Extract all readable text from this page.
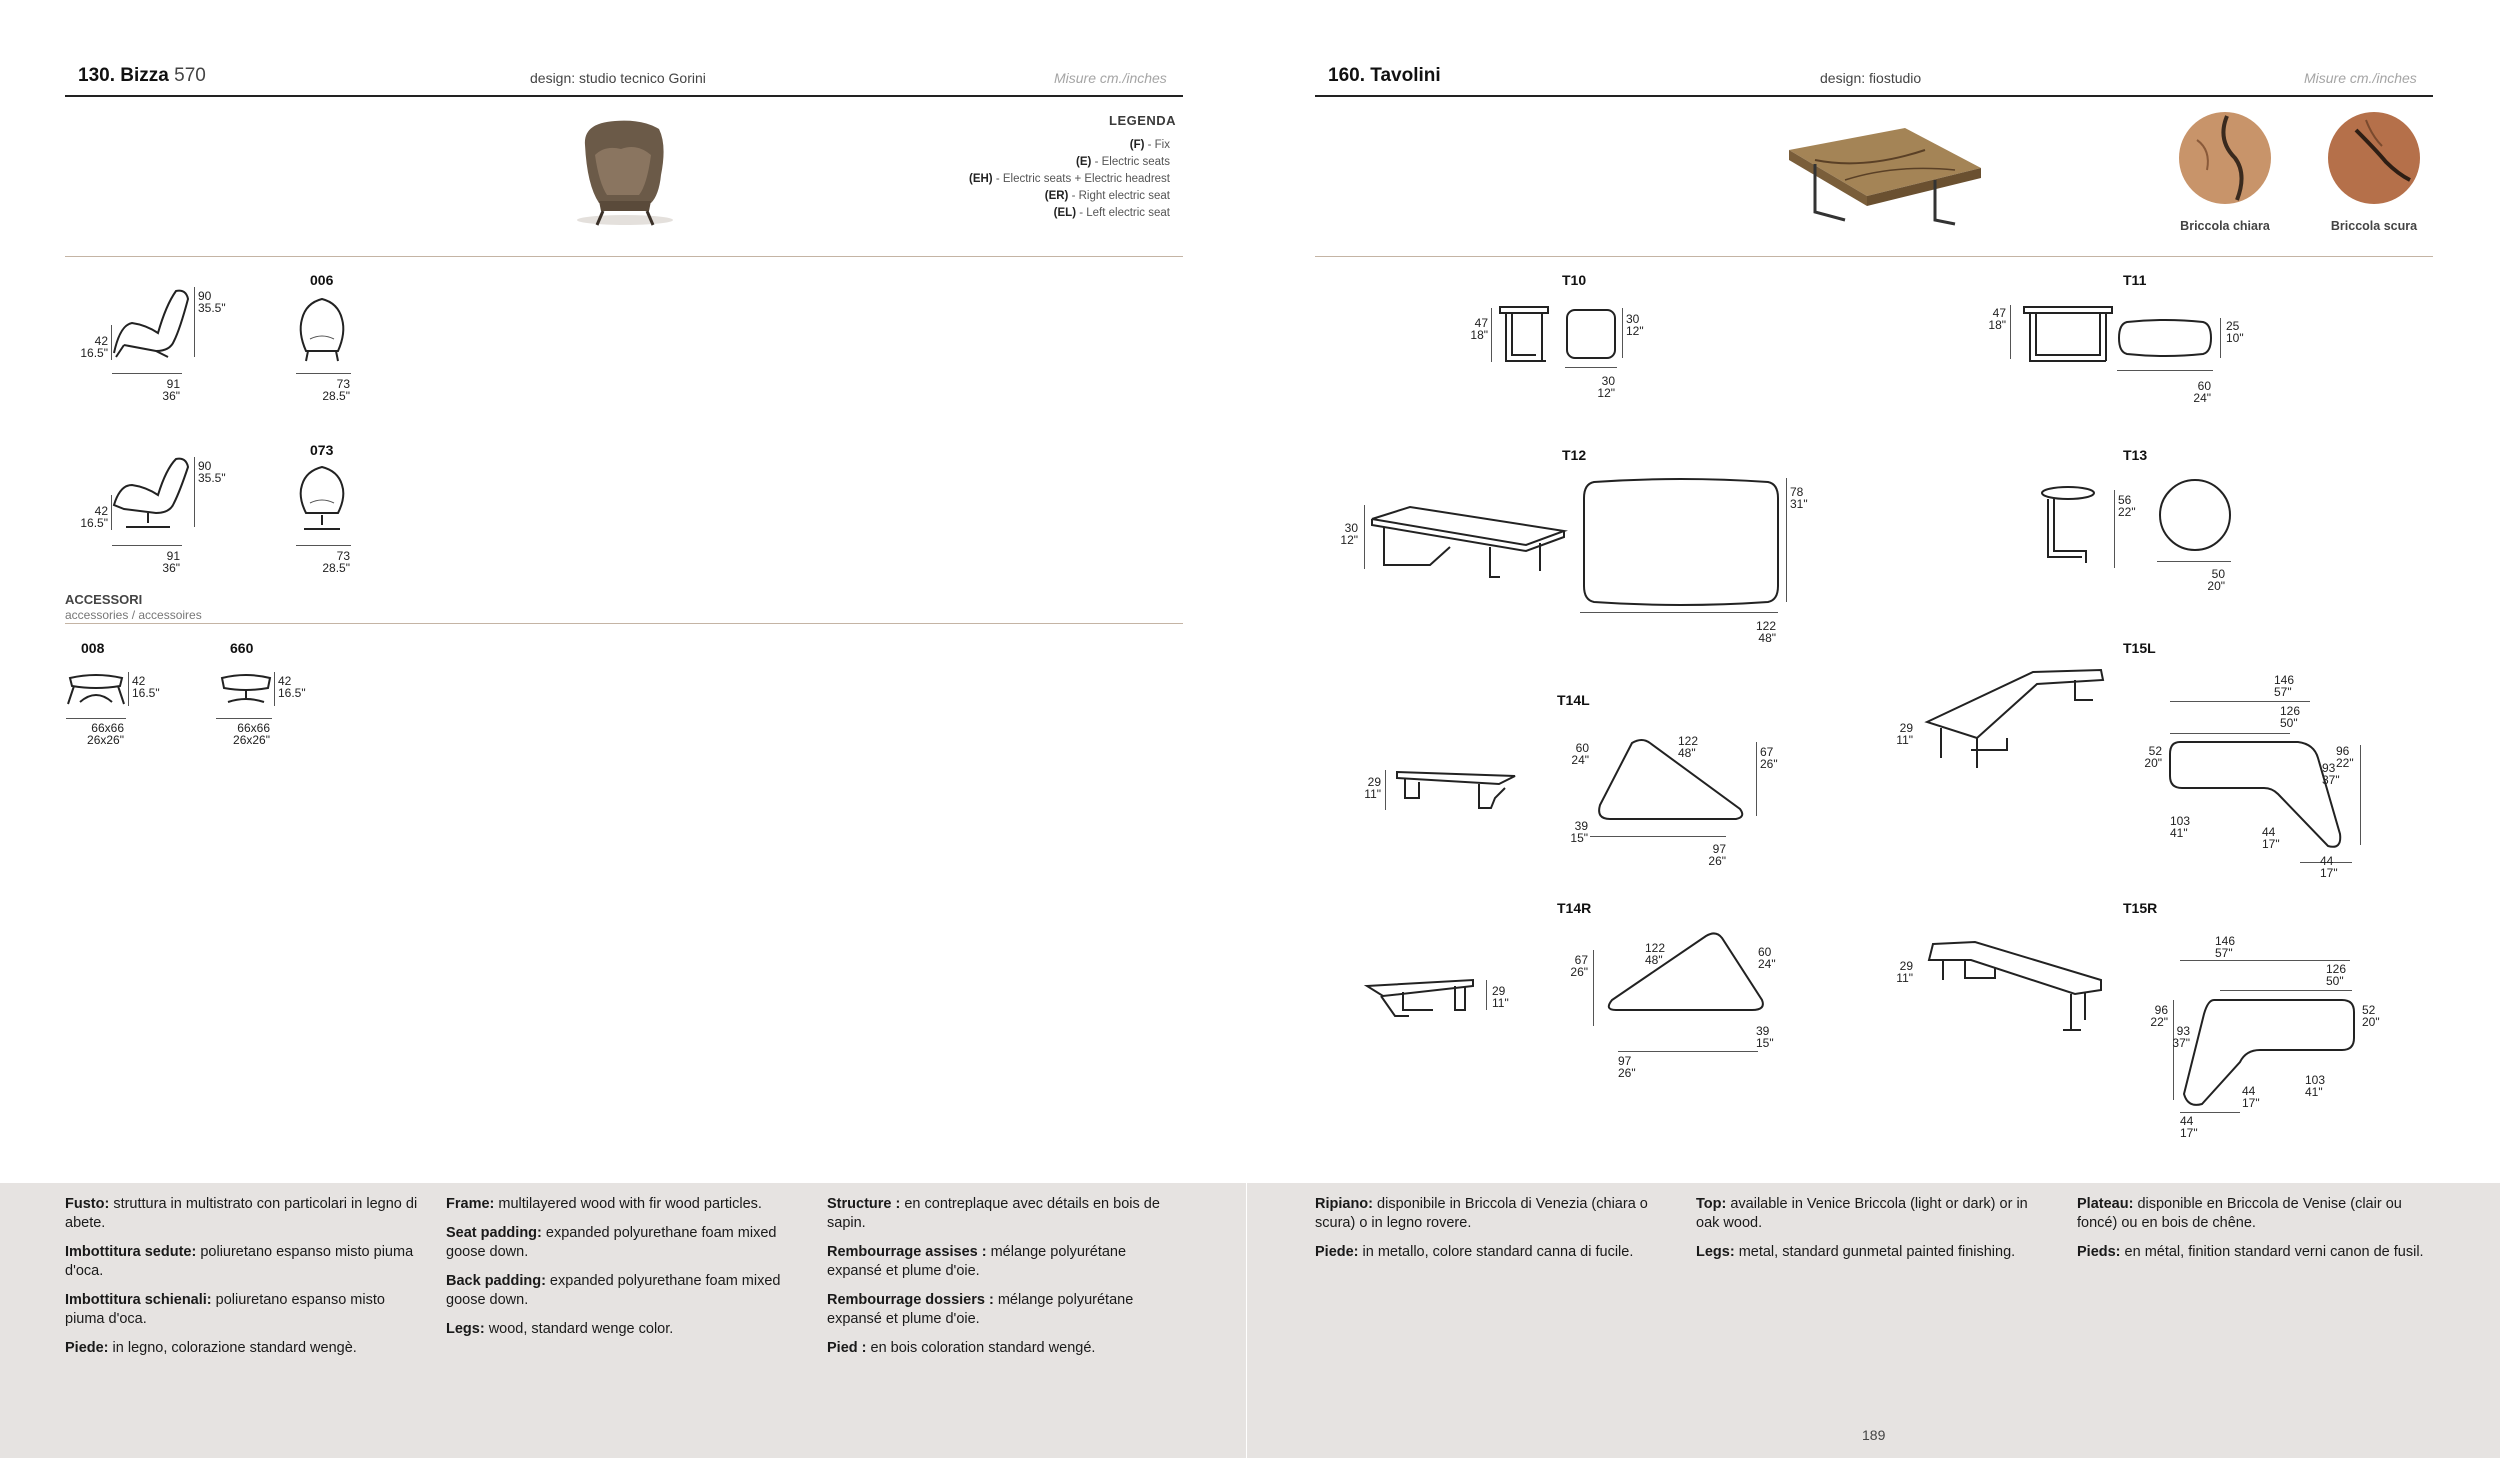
130. Bizza 570	design: studio tecnico Gorini	Misure cm./inches
LEGENDA
(F) - Fix
(E) - Electric seats
(EH) - Electric seats + Electric headrest
(ER) - Right electric seat
(EL) - Left electric seat
006
90
35.5"
42
16.5"
91
36"
73
28.5"
073
90
35.5"
42
16.5"
91
36"
73
28.5"
ACCESSORI
accessories / accessoires
008
42
16.5"
66x66
26x26"
660
42
16.5"
66x66
26x26"
160. Tavolini	design: fiostudio	Misure cm./inches
Briccola chiara	Briccola scura
T10
47
18"
30
12"
30
12"
T11
47
18"	25
10"
60
24"
T12
30
12"
78
31"
122
48"
T13
56
22"
50
20"
T14L
29
11"
60
24"
122
48"	67
26"
39
15"
97
26"
T15L
29
11"
146
57"
126
50"
52
20"
96
22"
93
37"
103
41"	44
17"
44
17"
T14R
29
11"
67
26"
122
48"
60
24"
39
15"
97
26"
T15R
29
11"
146
57"
126
50"
96
22"
52
20"
93
37"
103
41"
44
17"
44
17"

Fusto: struttura in multistrato con particolari in legno di abete.

Imbottitura sedute: poliuretano espanso misto piuma d'oca.

Imbottitura schienali: poliuretano espanso misto piuma d'oca.

Piede: in legno, colorazione standard wengè.

Frame: multilayered wood with fir wood particles.

Seat padding: expanded polyurethane foam mixed goose down.

Back padding: expanded polyurethane foam mixed goose down.

Legs: wood, standard wenge color.

Structure : en contreplaque avec détails en bois de sapin.

Rembourrage assises : mélange polyurétane expansé et plume d'oie.

Rembourrage dossiers : mélange polyurétane expansé et plume d'oie.

Pied : en bois coloration standard wengé.

Ripiano: disponibile in Briccola di Venezia (chiara o scura) o in legno rovere.

Piede: in metallo, colore standard canna di fucile.

Top: available in Venice Briccola (light or dark) or in oak wood.

Legs: metal, standard gunmetal painted finishing.

Plateau: disponible en Briccola de Venise (clair ou foncé) ou en bois de chêne.

Pieds: en métal, finition standard verni canon de fusil.

189
